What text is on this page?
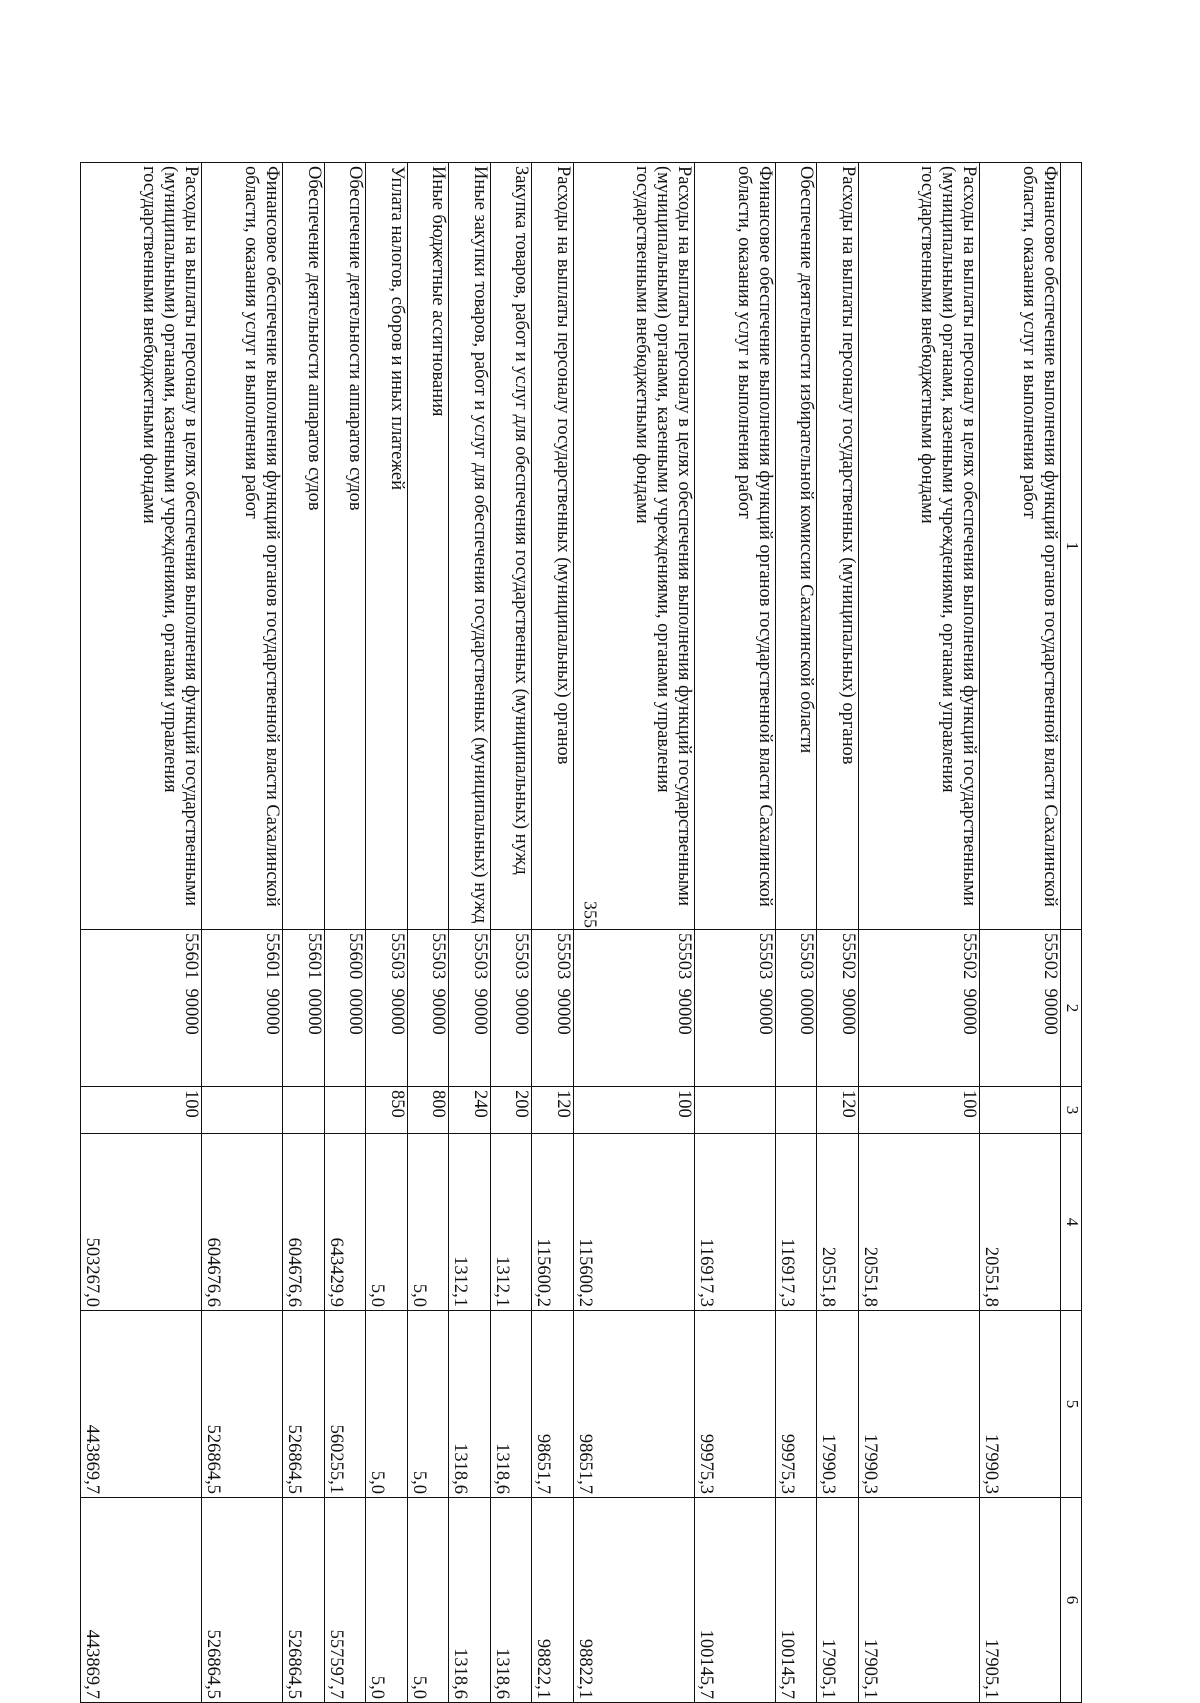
355
1	2	3	4	5	6
Финансовое обеспечение выполнения функций органов государственной власти Сахалинской области, оказания услуг и выполнения работ	55502  90000		20551,8	17990,3	17905,1
Расходы на выплаты персоналу в целях обеспечения выполнения функций государственными (муниципальными) органами, казенными учреждениями, органами управления государственными внебюджетными фондами	55502  90000	100	20551,8	17990,3	17905,1
Расходы на выплаты персоналу государственных (муниципальных) органов	55502  90000	120	20551,8	17990,3	17905,1
Обеспечение деятельности избирательной комиссии Сахалинской области	55503  00000		116917,3	99975,3	100145,7
Финансовое обеспечение выполнения функций органов государственной власти Сахалинской области, оказания услуг и выполнения работ	55503  90000		116917,3	99975,3	100145,7
Расходы на выплаты персоналу в целях обеспечения выполнения функций государственными (муниципальными) органами, казенными учреждениями, органами управления государственными внебюджетными фондами	55503  90000	100	115600,2	98651,7	98822,1
Расходы на выплаты персоналу государственных (муниципальных) органов	55503  90000	120	115600,2	98651,7	98822,1
Закупка товаров, работ и услуг для обеспечения государственных (муниципальных) нужд	55503  90000	200	1312,1	1318,6	1318,6
Иные закупки товаров, работ и услуг для обеспечения государственных (муниципальных) нужд	55503  90000	240	1312,1	1318,6	1318,6
Иные бюджетные ассигнования	55503  90000	800	5,0	5,0	5,0
Уплата налогов, сборов и иных платежей	55503  90000	850	5,0	5,0	5,0
Обеспечение деятельности аппаратов судов	55600  00000		643429,9	560255,1	557597,7
Обеспечение деятельности аппаратов судов	55601  00000		604676,6	526864,5	526864,5
Финансовое обеспечение выполнения функций органов государственной власти Сахалинской области, оказания услуг и выполнения работ	55601  90000		604676,6	526864,5	526864,5
Расходы на выплаты персоналу в целях обеспечения выполнения функций государственными (муниципальными) органами, казенными учреждениями, органами управления государственными внебюджетными фондами	55601  90000	100	503267,0	443869,7	443869,7
